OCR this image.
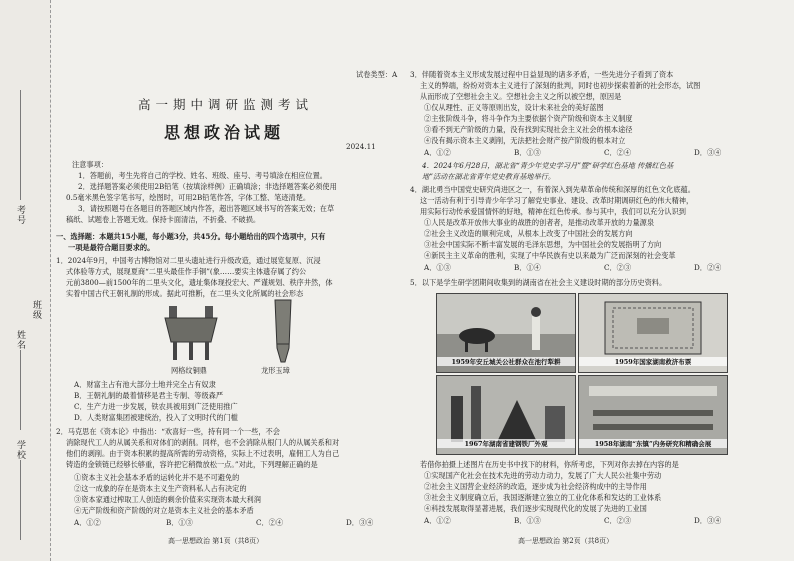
考号
班级
姓名
学校
试卷类型：A
高一期中调研监测考试
思想政治试题
2024.11
注意事项：
1．答题前，考生先将自己的学校、姓名、班级、座号、考号填涂在相应位置。
2．选择题答案必须使用2B铅笔（按填涂样例）正确填涂；非选择题答案必须使用
0.5毫米黑色签字笔书写，绘图时，可用2B铅笔作答，字体工整、笔迹清楚。
3．请按照题号在各题目的答题区域内作答，超出答题区域书写的答案无效；在草
稿纸、试题卷上答题无效。保持卡面清洁，不折叠、不破损。
一、选择题：本题共15小题，每小题3分，共45分。每小题给出的四个选项中，只有
一项是最符合题目要求的。
1．2024年9月，中国考古博物馆对二里头遗址进行升级改造，通过展览复原、沉浸
式体验等方式，展现夏商“二里头最佳作手铜”(象……要实主体遗存属了约公
元前3800—前1500年的二里头文化，遗址集体现投宏大、严谨规划、秩序井然，体
实着中国古代王朝礼制的形成。据此可推断，在二里头文化所属的社会形态
网格纹铜鼎	龙形玉璋
A．财富主占有池大部分土地并完全占有奴隶
B．王朝礼制的最着情移是君主专制、等级森严
C．生产力进一步发展，铁农具被用到广泛使用推广
D．人类财富集团被建统治，投入了文明时代的门槛
2．马克思在《资本论》中指出：“欢喜好一些，持有同一个一些，不会
消除现代工人的从属关系和对体们的剥削。同样，也不会消除从根门人的从属关系和对
他们的剥削。由于资本积累的提高所需的劳动资格，实际上不过表明，雇佣工人为自己
铸造的金锁链已经够长够重，容许把它稍微放松一点。”对此，下列理解正确的是
①资本主义社会基本矛盾的运转化并不是不可避免的
②这一成象的存在是资本主义生产资料私人占有决定的
③资本家通过榨取工人创造的剩余价值来实现资本最大利润
④无产阶级和资产阶级的对立是资本主义社会的基本矛盾
A．①②	B．①③	C．②④	D．③④
高一思想政治 第1页（共8页）
3．伴随着资本主义形成发展过程中日益显现的诸多矛盾，一些先进分子看到了资本
主义的弊端，纷纷对资本主义进行了深刻的批判，同时也初步探索着新的社会形态，试图
从而形成了空想社会主义。空想社会主义之所以被空想，原因是
①仅从理性、正义等原则出发，设计未来社会的美好蓝图
②主张阶级斗争，将斗争作为主要依据个资产阶级和资本主义制度
③看不到无产阶级的力量，没有找到实现社会主义社会的根本途径
④没有揭示资本主义剥削，无法把社会财产按产阶级的根本对立
A．①②	B．①③	C．②④	D．③④
4．2024年6月28日，湖北省“青少年党史学习月”暨“研学红色基地 传播红色基
地”活动在湖北省青年党史教育基地举行。
4．湖北勇当中国党史研究尚进区之一，有着深入到先辈革命传统和深厚的红色文化底蕴。
这一活动有利于引导青少年学习了解党史事业、建设、改革时期调研红色的伟大精神，
用实际行动传承爱国情怀的好地，精神在红色传承。参与其中，我们可以充分认识到
①人民是改革开放伟大事业的战胜的创者者，是推动改革开放的力量源泉
②社会主义改造的顺利完成，从根本上改变了中国社会的发展方向
③社会中国实际不断丰富发展的毛泽东思想，为中国社会的发展指明了方向
④新民主主义革命的胜利，实现了中华民族有史以来最为广泛而深刻的社会变革
A．①③	B．①④	C．②③	D．②④
5．以下是学生研学团期间收集到的湖南省在社会主义建设时期的部分历史资料。
1959年安丘城关公社群众在池行犁耕	1959年国家湖南救济布票
1967年湖南省建钢铁厂外观	1958年湖南“东镇”内务研究和精确会展
若借你拍摄上述图片在历史书中找下的材料，你所考虑，下列对你去掉在内容的是
①实现国产化社会在技术先进的劳动力动力，发展了广大人民公社集中劳动
②社会主义国营企业经济的改造，逐步成为社会经济构成中的主导作用
③社会主义制度确立后，我国逐渐建立独立的工业化体系和发达的工业体系
④科技发展取得显著进展，我们逐步实现现代化的发展了先进的工业国
A．①②	B．①③	C．②③	D．③④
高一思想政治 第2页（共8页）
